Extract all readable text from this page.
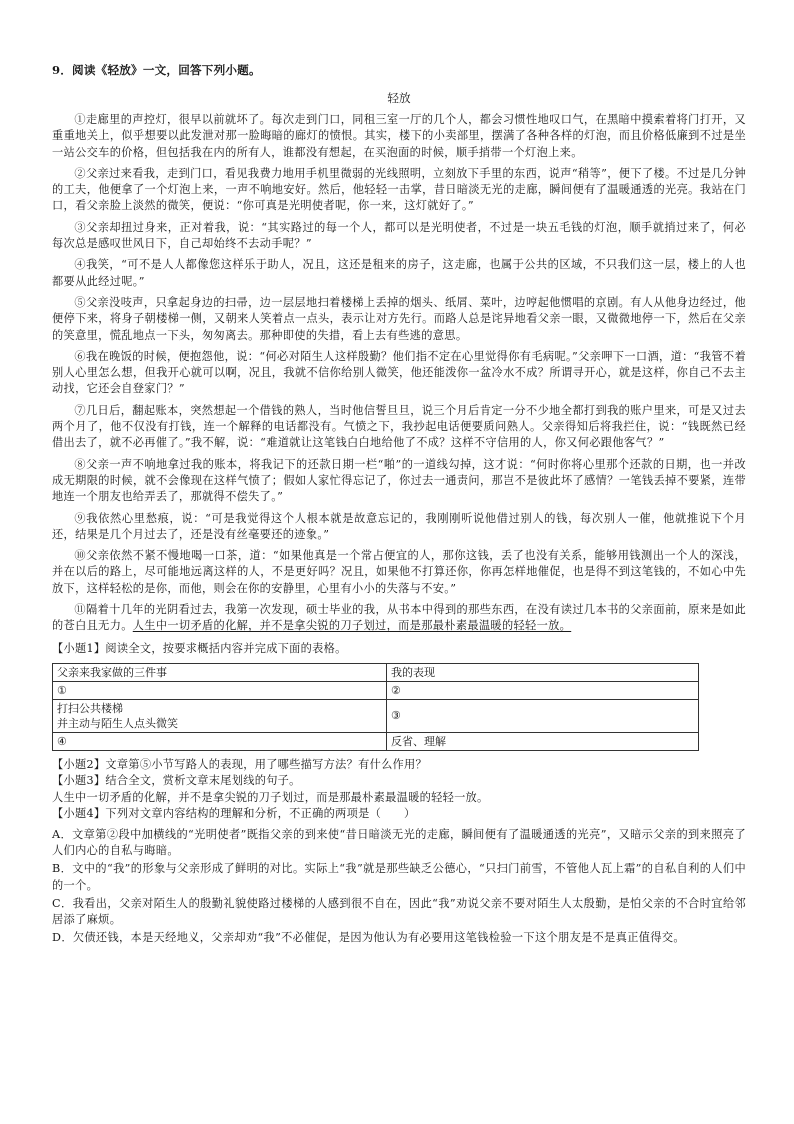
9．阅读《轻放》一文，回答下列小题。
轻放

①走廊里的声控灯，很早以前就坏了。每次走到门口，同租三室一厅的几个人，都会习惯性地叹口气，在黑暗中摸索着将门打开，又重重地关上，似乎想要以此发泄对那一脸晦暗的廊灯的愤恨。其实，楼下的小卖部里，摆满了各种各样的灯泡，而且价格低廉到不过是坐一站公交车的价格，但包括我在内的所有人，谁都没有想起，在买泡面的时候，顺手捎带一个灯泡上来。

②父亲过来看我，走到门口，看见我费力地用手机里微弱的光线照明，立刻放下手里的东西，说声“稍等”，便下了楼。不过是几分钟的工夫，他便拿了一个灯泡上来，一声不响地安好。然后，他轻轻一击掌，昔日暗淡无光的走廊，瞬间便有了温暖通透的光亮。我站在门口，看父亲脸上淡然的微笑，便说：“你可真是光明使者呢，你一来，这灯就好了。”

③父亲却扭过身来，正对着我，说：“其实路过的每一个人，都可以是光明使者，不过是一块五毛钱的灯泡，顺手就捎过来了，何必每次总是感叹世风日下，自己却始终不去动手呢？”

④我笑，“可不是人人都像您这样乐于助人，况且，这还是租来的房子，这走廊，也属于公共的区域，不只我们这一层，楼上的人也都要从此经过呢。”

⑤父亲没吱声，只拿起身边的扫帚，边一层层地扫着楼梯上丢掉的烟头、纸屑、菜叶，边哼起他惯唱的京剧。有人从他身边经过，他便停下来，将身子朝楼梯一侧，又朝来人笑着点一点头，表示让对方先行。而路人总是诧异地看父亲一眼，又微微地停一下，然后在父亲的笑意里，慌乱地点一下头，匆匆离去。那种即使的失措，看上去有些逃的意思。

⑥我在晚饭的时候，便抱怨他，说：“何必对陌生人这样殷勤？他们指不定在心里觉得你有毛病呢。”父亲呷下一口酒，道：“我管不着别人心里怎么想，但我开心就可以啊，况且，我就不信你给别人微笑，他还能泼你一盆冷水不成？所谓寻开心，就是这样，你自己不去主动找，它还会自登家门？”

⑦几日后，翻起账本，突然想起一个借钱的熟人，当时他信誓旦旦，说三个月后肯定一分不少地全都打到我的账户里来，可是又过去两个月了，他不仅没有打钱，连一个解释的电话都没有。气愤之下，我抄起电话便要质问熟人。父亲得知后将我拦住，说：“钱既然已经借出去了，就不必再催了。”我不解，说：“难道就让这笔钱白白地给他了不成？这样不守信用的人，你又何必跟他客气？”

⑧父亲一声不响地拿过我的账本，将我记下的还款日期一栏“啪”的一道线勾掉，这才说：“何时你将心里那个还款的日期，也一并改成无期限的时候，就不会像现在这样气愤了；假如人家忙得忘记了，你过去一通责问，那岂不是彼此坏了感情？一笔钱丢掉不要紧，连带地连一个朋友也给弄丢了，那就得不偿失了。”

⑨我依然心里愁痕，说：“可是我觉得这个人根本就是故意忘记的，我刚刚听说他借过别人的钱，每次别人一催，他就推说下个月还，结果是几个月过去了，还是没有丝毫要还的迹象。”

⑩父亲依然不紧不慢地喝一口茶，道：“如果他真是一个常占便宜的人，那你这钱，丢了也没有关系，能够用钱测出一个人的深浅，并在以后的路上，尽可能地远离这样的人，不是更好吗？况且，如果他不打算还你，你再怎样地催促，也是得不到这笔钱的，不如心中先放下，这样轻松的是你，而他，则会在你的安静里，心里有小小的失落与不安。”

⑪隔着十几年的光阴看过去，我第一次发现，硕士毕业的我，从书本中得到的那些东西，在没有读过几本书的父亲面前，原来是如此的苍白且无力。人生中一切矛盾的化解，并不是拿尖锐的刀子划过，而是那最朴素最温暖的轻轻一放。

【小题1】阅读全文，按要求概括内容并完成下面的表格。
父亲来我家做的三件事	我的表现
①	②
打扫公共楼梯
并主动与陌生人点头微笑	③
④	反省、理解

【小题2】文章第⑤小节写路人的表现，用了哪些描写方法？有什么作用？

【小题3】结合全文，赏析文章末尾划线的句子。

人生中一切矛盾的化解，并不是拿尖锐的刀子划过，而是那最朴素最温暖的轻轻一放。

【小题4】下列对文章内容结构的理解和分析，不正确的两项是（　　）

A．文章第②段中加横线的“光明使者”既指父亲的到来使“昔日暗淡无光的走廊，瞬间便有了温暖通透的光亮”，又暗示父亲的到来照亮了人们内心的自私与晦暗。

B．文中的“我”的形象与父亲形成了鲜明的对比。实际上“我”就是那些缺乏公德心，“只扫门前雪，不管他人瓦上霜”的自私自利的人们中的一个。

C．我看出，父亲对陌生人的殷勤礼貌使路过楼梯的人感到很不自在，因此“我”劝说父亲不要对陌生人太殷勤，是怕父亲的不合时宜给邻居添了麻烦。

D．欠债还钱，本是天经地义，父亲却劝“我”不必催促，是因为他认为有必要用这笔钱检验一下这个朋友是不是真正值得交。
